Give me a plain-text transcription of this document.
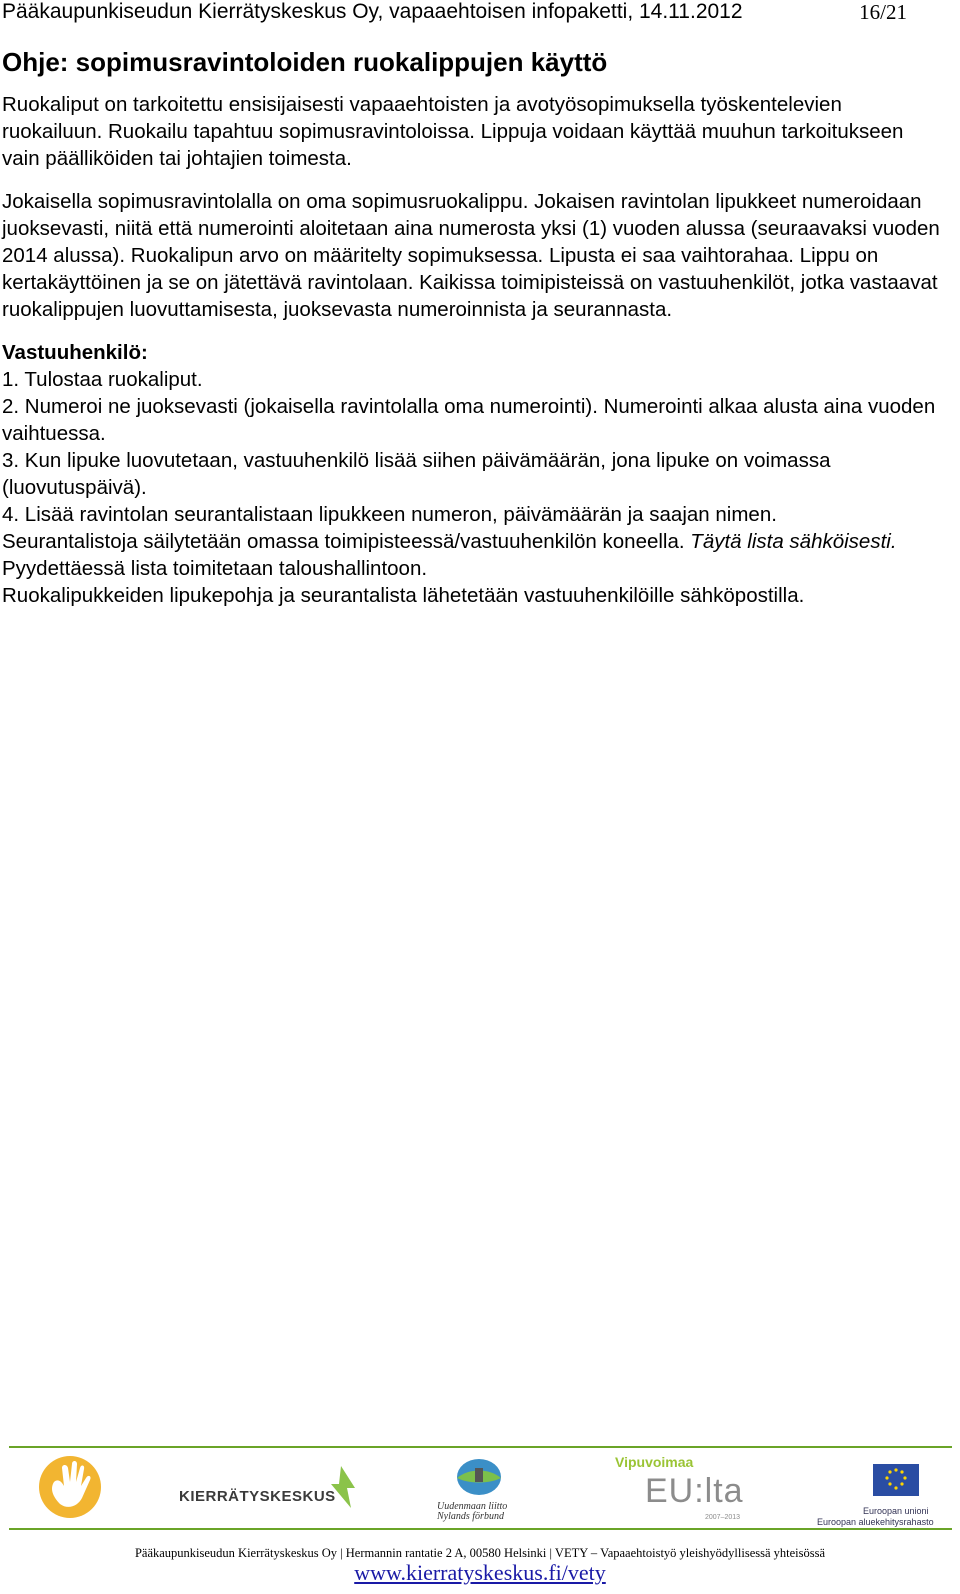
Pääkaupunkiseudun Kierrätyskeskus Oy, vapaaehtoisen infopaketti, 14.11.2012	16/21
Ohje: sopimusravintoloiden ruokalippujen käyttö

Ruokaliput on tarkoitettu ensisijaisesti vapaaehtoisten ja avotyösopimuksella työskentelevien ruokailuun. Ruokailu tapahtuu sopimusravintoloissa. Lippuja voidaan käyttää muuhun tarkoitukseen vain päälliköiden tai johtajien toimesta.

Jokaisella sopimusravintolalla on oma sopimusruokalippu. Jokaisen ravintolan lipukkeet numeroidaan juoksevasti, niitä että numerointi aloitetaan aina numerosta yksi (1) vuoden alussa (seuraavaksi vuoden 2014 alussa). Ruokalipun arvo on määritelty sopimuksessa. Lipusta ei saa vaihtorahaa. Lippu on kertakäyttöinen ja se on jätettävä ravintolaan. Kaikissa toimipisteissä on vastuuhenkilöt, jotka vastaavat ruokalippujen luovuttamisesta, juoksevasta numeroinnista ja seurannasta.

Vastuuhenkilö:
1. Tulostaa ruokaliput.
2. Numeroi ne juoksevasti (jokaisella ravintolalla oma numerointi). Numerointi alkaa alusta aina vuoden vaihtuessa.
3. Kun lipuke luovutetaan, vastuuhenkilö lisää siihen päivämäärän, jona lipuke on voimassa (luovutuspäivä).
4. Lisää ravintolan seurantalistaan lipukkeen numeron, päivämäärän ja saajan nimen.
Seurantalistoja säilytetään omassa toimipisteessä/vastuuhenkilön koneella. Täytä lista sähköisesti. Pyydettäessä lista toimitetaan taloushallintoon.
Ruokalipukkeiden lipukepohja ja seurantalista lähetetään vastuuhenkilöille sähköpostilla.
KIERRÄTYSKESKUS
Uudenmaan liitto
Nylands förbund
Vipuvoimaa
EU:lta
2007–2013
Euroopan unioni
Euroopan aluekehitysrahasto
Pääkaupunkiseudun Kierrätyskeskus Oy | Hermannin rantatie 2 A, 00580 Helsinki | VETY – Vapaaehtoistyö yleishyödyllisessä yhteisössä
www.kierratyskeskus.fi/vety
